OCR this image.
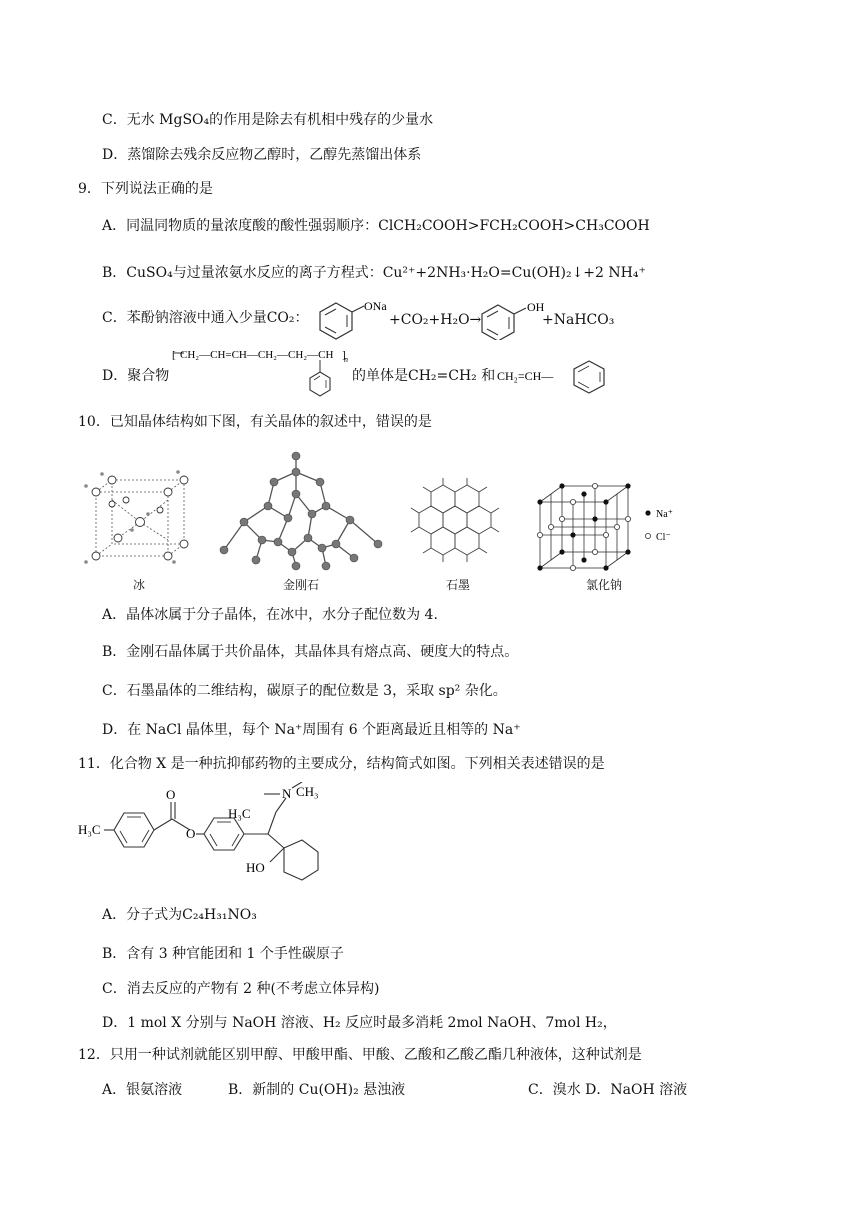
C．无水 MgSO₄的作用是除去有机相中残存的少量水
D．蒸馏除去残余反应物乙醇时，乙醇先蒸馏出体系
9．下列说法正确的是
A．同温同物质的量浓度酸的酸性强弱顺序：ClCH₂COOH>FCH₂COOH>CH₃COOH
B．CuSO₄与过量浓氨水反应的离子方程式：Cu²⁺+2NH₃·H₂O=Cu(OH)₂↓+2 NH₄⁺
C．苯酚钠溶液中通入少量CO₂：
ONa
+CO₂+H₂O→
OH
+NaHCO₃
D．聚合物
[ CH₂—CH=CH—CH₂—CH₂—CH ]
n
的单体是CH₂=CH₂ 和 CH₂=CH—
10．已知晶体结构如下图，有关晶体的叙述中，错误的是
冰	金刚石	石墨
Na⁺
Cl⁻
氯化钠
A．晶体冰属于分子晶体，在冰中，水分子配位数为 4.
B．金刚石晶体属于共价晶体，其晶体具有熔点高、硬度大的特点。
C．石墨晶体的二维结构，碳原子的配位数是 3，采取 sp² 杂化。
D．在 NaCl 晶体里，每个 Na⁺周围有 6 个距离最近且相等的 Na⁺
11．化合物 X 是一种抗抑郁药物的主要成分，结构简式如图。下列相关表述错误的是
H₃C
O
O
N CH₃
H₃C
HO
A．分子式为C₂₄H₃₁NO₃
B．含有 3 种官能团和 1 个手性碳原子
C．消去反应的产物有 2 种(不考虑立体异构)
D．1 mol X 分别与 NaOH 溶液、H₂ 反应时最多消耗 2mol NaOH、7mol H₂，
12．只用一种试剂就能区别甲醇、甲酸甲酯、甲酸、乙酸和乙酸乙酯几种液体，这种试剂是
A．银氨溶液	B．新制的 Cu(OH)₂ 悬浊液	C．溴水 D．NaOH 溶液
